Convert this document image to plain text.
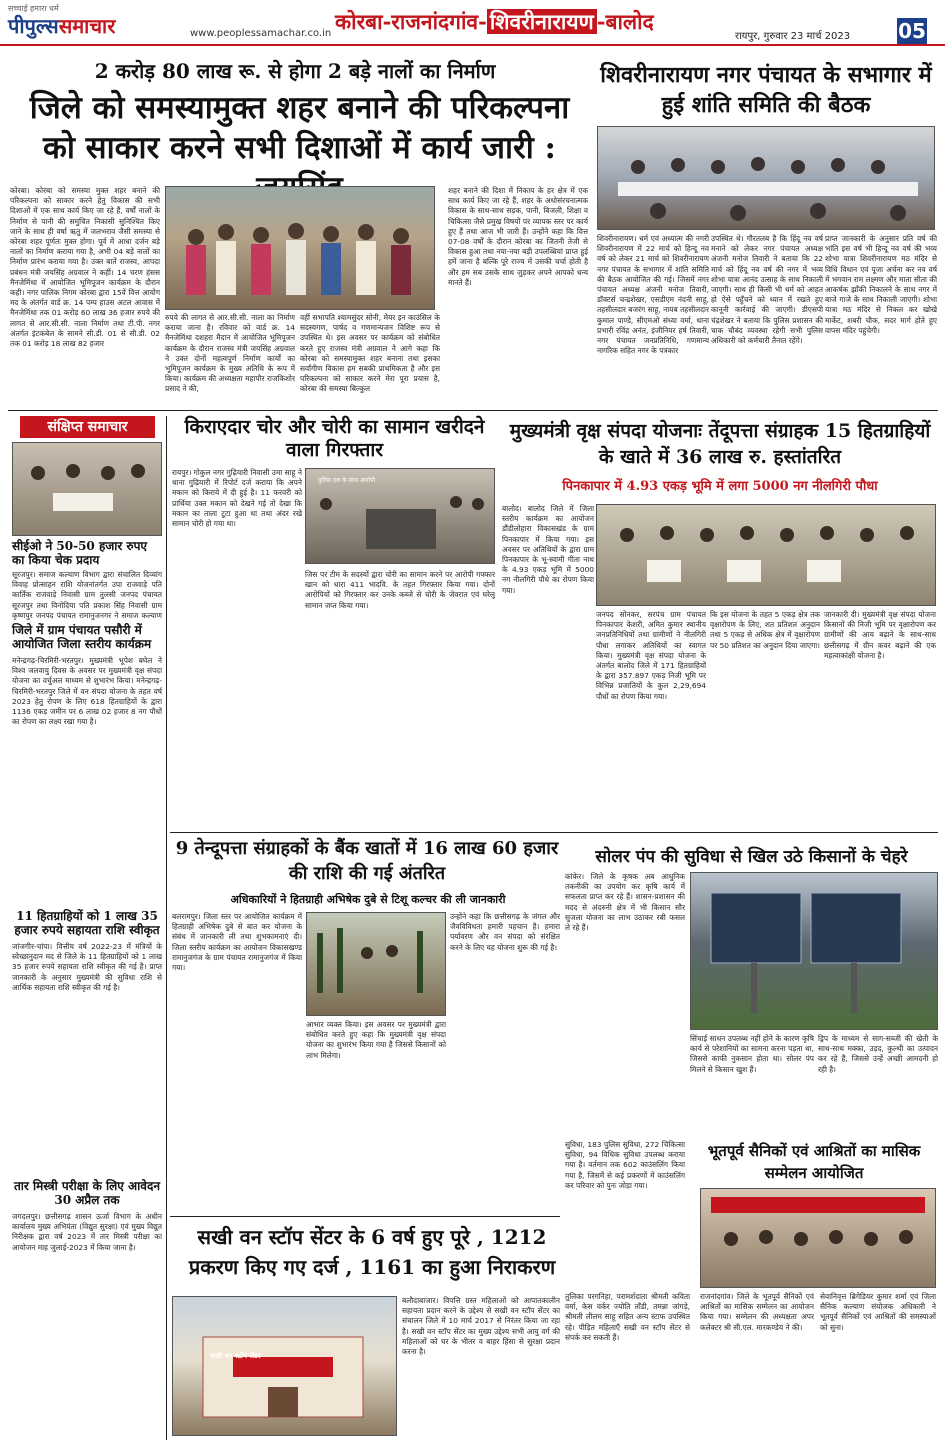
सच्चाई हमारा धर्म
पीपुल्ससमाचार	www.peoplessamachar.co.in कोरबा-राजनांदगांव- शिवरीनारायण -बालोद
रायपुर, गुरुवार 23 मार्च 2023 05
2 करोड़ 80 लाख रू. से होगा 2 बड़े नालों का निर्माण
जिले को समस्यामुक्त शहर बनाने की परिकल्पना को साकार करने सभी दिशाओं में कार्य जारी :
कोरबा। कोरबा को समस्या मुक्त शहर बनाने की परिकल्पना को साकार करने हेतु विकास की सभी दिशाओं में एक साथ कार्य किए जा रहे हैं, वर्षों नालों के निर्माण से पानी की समुचित निकासी सुनिश्चित किए जाने के साथ ही वर्षा ऋतु में जलभराव जैसी समस्या से कोरबा शहर पूर्णतः मुक्त होगा। पूर्व में आधा दर्जन बड़े नालों का निर्माण कराया गया है, अभी 04 बड़े नालों का निर्माण प्रारंभ कराया गया है। उक्त बातें राजस्व, आपदा प्रबंधन मंत्री जयसिंह अग्रवाल ने कहीं। 14 चरण हंसस मैनजेमिंथा में आयोजित भूमिपूजन कार्यक्रम के दौरान कही। नगर पालिक निगम कोरबा द्वारा 15वें वित्त आयोग मद के अंतर्गत वार्ड क्र. 14 पम्प हाउस अटल आवास में मैनजेमिंथा तक 01 करोड़ 60 लाख 36 हजार रुपये की लागत से आर.सी.सी. नाला निर्माण तथा टी.पी. नगर अंतर्गत इंटकबेल के सामने सी.डी. 01 से सी.डी. 02 तक 01 करोड़ 18 लाख 82 हजार
रुपये की लागत से आर.सी.सी. नाला का निर्माण कराया जाना है। रविवार को वार्ड क्र. 14 मैनजेमिंथा दशहरा मैदान में आयोजित भूमिपूजन कार्यक्रम के दौरान राजस्व मंत्री जयसिंह अग्रवाल ने उक्त दोनों महत्वपूर्ण निर्माण कार्यों का भूमिपूजन कार्यक्रम के मुख्य अतिथि के रूप में किया। कार्यक्रम की अध्यक्षता महापौर राजकिशोर प्रसाद ने की,
वहीं सभापति श्यामसुंदर सोनी, मेयर इन काउंसिल के सदस्यगण, पार्षद व गणमान्यजन विशिष्ट रूप से उपस्थित थे। इस अवसर पर कार्यक्रम को संबोधित करते हुए राजस्व मंत्री अग्रवाल ने आगे कहा कि कोरबा को समस्यामुक्त शहर बनाना तथा इसका सर्वांगीण विकास हम सबकी प्राथमिकता है और इस परिकल्पना को साकार करने मेरा पूरा प्रयास है, कोरबा की समस्या बिल्कुल
शहर बनाने की दिशा में निकाय के हर क्षेत्र में एक साथ कार्य किए जा रहे हैं, शहर के अधोसंरचनात्मक विकास के साथ-साथ सड़क, पानी, बिजली, शिक्षा व चिकित्सा जैसे प्रमुख विषयों पर व्यापक स्तर पर कार्य हुए हैं तथा आज भी जारी हैं। उन्होंने कहा कि वित्त 07-08 वर्षों के दौरान कोरबा का जितनी तेजी से विकास हुआ तथा नया-नया बड़ी उपलब्धियां प्राप्त हुई हमें जाना है बल्कि पूरे राज्य में उसकी चर्चा होती है और हम सब उसके साथ जुड़कर अपने आपको धन्य मानते हैं।
शिवरीनारायण नगर पंचायत के सभागार में हुई शांति समिति की बैठक
शिवरीनारायण। धर्म एवं अध्यात्म की नगरी शिवरीनारायण में 22 मार्च को हिन्दू नव वर्ष को लेकर 21 मार्च को शिवरीनारायण नगर पंचायत के सभागार में शांति समिति की बैठक आयोजित की गई। जिसमें नगर पंचायत अध्यक्ष अंजनी मनोज तिवारी, डॉक्टर्स चन्द्रशेखर, एसडीएम नंदनी साहू, तहसीलदार बजरंग साहू, नायब तहसीलदार कुमाल पाण्डे, सीएमओ संध्या वर्मा, थाना प्रभारी रविंद्र अनंत, इंजीनियर हर्ष तिवारी, नगर पंचायत जनप्रतिनिधि, गणमान्य नागरिक सहित नगर के पत्रकार
उपस्थित थे। गौरतलब है कि हिंदू नव वर्ष मनाने को लेकर नगर पंचायत अध्यक्ष अंजनी मनोज तिवारी ने बताया कि 22 मार्च को हिंदू नव वर्ष की नगर में भव्य शोभा यात्रा आनंद उत्साह के साथ निकाली जाएगी। साथ ही किसी भी धर्म को आहत हो ऐसे पहुँचने को ध्यान में रखते हुए कानूनी कार्रवाई की जाएगी। डीएसपी चंद्रशेखर ने बताया कि पुलिस प्रशासन की चाक चौबंद व्यवस्था रहेगी सभी पुलिस अधिकारी को कर्मचारी तैनात रहेंगे।
प्राप्त जानकारी के अनुसार प्रति वर्ष की भांति इस वर्ष भी हिन्दू नव वर्ष की भव्य शोभा यात्रा शिवरीनारायण मठ मंदिर से विधि विधान एवं पूजा अर्चना कर नव वर्ष में भगवान राम लक्ष्मण और माता सीता की आकर्षक झाँकी निकालने के साथ नगर में बाजे गाजे के साथ निकाली जाएगी। शोभा यात्रा मठ मंदिर से निकल कर खोखे मार्केट, शबरी चौक, सदर मार्ग होते हुए वापस मंदिर पहुंचेगी।
संक्षिप्त समाचार
सीईओ ने 50-50 हजार रुपए का किया चेक प्रदाय
सूरजपुर। समाज कल्याण विभाग द्वारा संचालित दिव्यांग विवाह प्रोत्साहन राशि योजनांतर्गत उपा राजवाड़े पति कार्तिक राजवाड़े निवासी ग्राम तुलसी जनपद पंचायत सूरजपुर तथा विनोदिया पति प्रकाश सिंह निवासी ग्राम कृष्णपुर जनपद पंचायत रामानुजनगर ने समाज कल्याण
जिले में ग्राम पंचायत पसौरी में आयोजित जिला स्तरीय कार्यक्रम
मनेन्द्रगढ़-चिरमिरी-भरतपुर। मुख्यमंत्री भूपेश बघेल ने विश्व जलवायु दिवस के अवसर पर मुख्यमंत्री वृक्ष संपदा योजना का वर्चुअल माध्यम से शुभारंभ किया। मनेन्द्रगढ़-चिरमिरी-भरतपुर जिले में वन संपदा योजना के तहत वर्ष 2023 हेतु रोपण के लिए 618 हितग्राहियों के द्वारा 1136 एकड़ जमीन पर 6 लाख 02 हजार 8 नग पौधों का रोपण का लक्ष्य रखा गया है।
11 हितग्राहियों को 1 लाख 35 हजार रुपये सहायता राशि स्वीकृत
जांजगीर-चांपा। वित्तीय वर्ष 2022-23 में मंत्रियों के स्वेच्छानुदान मद से जिले के 11 हितग्राहियों को 1 लाख 35 हजार रुपये सहायता राशि स्वीकृत की गई है। प्राप्त जानकारी के अनुसार मुख्यमंत्री की सुविधा राशि से आर्थिक सहायता राशि स्वीकृत की गई है।
तार मिस्त्री परीक्षा के लिए आवेदन 30 अप्रैल तक
जगदलपुर। छत्तीसगढ़ शासन ऊर्जा विभाग के अधीन कार्यालय मुख्य अभियंता (विद्युत सुरक्षा) एवं मुख्य विद्युत निरीक्षक द्वारा वर्ष 2023 में तार मिस्त्री परीक्षा का आयोजन माह जुलाई-2023 में किया जाना है।
किराएदार चोर और चोरी का सामान खरीदने वाला गिरफ्तार
रायपुर। गोकुल नगर गुढ़ियारी निवासी उमा साहू ने थाना गुढ़ियारी में रिपोर्ट दर्ज कराया कि अपने मकान को किराये में दी हुई है। 11 फरवरी को प्रार्थिया उक्त मकान को देखने गई तो देखा कि मकान का ताला टूटा हुआ था तथा अंदर रखे सामान चोरी हो गया था।
पुलिस दल के साथ आरोपी
जिस पर टीम के सदस्यों द्वारा चोरी का सामान करने पर आरोपी गफ्फार खान को धारा 411 भादवि. के तहत गिरफ्तार किया गया। दोनों आरोपियों को गिरफ्तार कर उनके कब्जे से चोरी के जेवरात एवं घरेलू सामान जप्त किया गया।
मुख्यमंत्री वृक्ष संपदा योजनाः तेंदूपत्ता संग्राहक 15 हितग्राहियों के खाते में 36 लाख रु. हस्तांतरित
पिनकापार में 4.93 एकड़ भूमि में लगा 5000 नग नीलगिरी पौधा
बालोद। बालोद जिले में जिला स्तरीय कार्यक्रम का आयोजन डौंडीलोहारा विकासखंड के ग्राम पिनकापार में किया गया। इस अवसर पर अतिथियों के द्वारा ग्राम पिनकापार के भू-स्वामी गीता नाथ के 4.93 एकड़ भूमि में 5000 नग नीलगिरी पौधे का रोपण किया गया।
जनपद सोनकर, सरपंच ग्राम पंचायत पिनकापार केशरी, अमित कुमार स्थानीय जनप्रतिनिधियों तथा ग्रामीणों ने नीलगिरी पौधा लगाकर अतिथियों का स्वागत किया। मुख्यमंत्री वृक्ष संपदा योजना के अंतर्गत बालोद जिले में 171 हितग्राहियों के द्वारा 357.897 एकड़ निजी भूमि पर विभिन्न प्रजातियों के कुल 2,29,694 पौधों का रोपण किया गया।
कि इस योजना के तहत 5 एकड़ क्षेत्र तक वृक्षारोपण के लिए, शत प्रतिशत अनुदान तथा 5 एकड़ से अधिक क्षेत्र में वृक्षारोपण पर 50 प्रतिशत का अनुदान दिया जाएगा।
जानकारी दी। मुख्यमंत्री वृक्ष संपदा योजना किसानों की निजी भूमि पर वृक्षारोपण कर ग्रामीणों की आय बढ़ाने के साथ-साथ छत्तीसगढ़ में ग्रीन कवर बढ़ाने की एक महत्वाकांक्षी योजना है।
9 तेन्दूपत्ता संग्राहकों के बैंक खातों में 16 लाख 60 हजार की राशि की गई अंतरित
अधिकारियों ने हितग्राही अभिषेक दुबे से टिशू कल्चर की ली जानकारी
बलरामपुर। जिला स्तर पर आयोजित कार्यक्रम में हितग्राही अभिषेक दुबे से बात कर योजना के संबंध में जानकारी ली तथा शुभकामनाएं दी। जिला स्तरीय कार्यक्रम का आयोजन विकासखण्ड रामानुजगंज के ग्राम पंचायत रामानुजगंज में किया गया।
आभार व्यक्त किया। इस अवसर पर मुख्यमंत्री द्वारा संबोधित करते हुए कहा कि मुख्यमंत्री वृक्ष संपदा योजना का शुभारंभ किया गया है जिससे किसानों को लाभ मिलेगा।
उन्होंने कहा कि छत्तीसगढ़ के जंगल और जैवविविधता हमारी पहचान है। हमारा पर्यावरण और वन संपदा को संरक्षित करने के लिए यह योजना शुरू की गई है।
सोलर पंप की सुविधा से खिल उठे किसानों के चेहरे
कांकेर। जिले के कृषक अब आधुनिक तकनीकी का उपयोग कर कृषि कार्य में सफलता प्राप्त कर रहे हैं। शासन-प्रशासन की मदद से अंदरुनी क्षेत्र में भी किसान सौर सुजला योजना का लाभ उठाकर रबी फसल ले रहे हैं।
सिंचाई साधन उपलब्ध नहीं होने के कारण कृषि कार्य से परेशानियों का सामना करना पड़ता था, जिससे काफी नुकसान होता था। सोलर पंप मिलने से किसान खुश हैं।
ड्रिप के माध्यम से साग-सब्जी की खेती के साथ-साथ मक्का, उड़द, कुल्थी का उत्पादन कर रहे हैं, जिससे उन्हें अच्छी आमदनी हो रही है।
सखी वन स्टॉप सेंटर के 6 वर्ष हुए पूरे , 1212 प्रकरण किए गए दर्ज , 1161 का हुआ निराकरण
सखी वन स्टॉप सेंटर
बलौदाबाजार। विपत्ति ग्रस्त महिलाओं को आपातकालीन सहायता प्रदान करने के उद्देश्य से सखी वन स्टॉप सेंटर का संचालन जिले में 10 मार्च 2017 से निरंतर किया जा रहा है। सखी वन स्टॉप सेंटर का मुख्य उद्देश्य सभी आयु वर्ग की महिलाओं को घर के भीतर व बाहर हिंसा से सुरक्षा प्रदान करना है।
सुविधा, 183 पुलिस सुविधा, 272 चिकित्सा सुविधा, 94 विधिक सुविधा उपलब्ध कराया गया है। वर्तमान तक 602 काउंसलिंग किया गया है, जिसमें से कई प्रकरणों में काउंसलिंग कर परिवार को पुनः जोड़ा गया।
भूतपूर्व सैनिकों एवं आश्रितों का मासिक सम्मेलन आयोजित
राजनांदगांव। जिले के भूतपूर्व सैनिकों एवं आश्रितों का मासिक सम्मेलन का आयोजन किया गया। सम्मेलन की अध्यक्षता अपर कलेक्टर श्री सी.एल. मारकण्डेय ने की।
सेवानिवृत्त ब्रिगेडियर कुमार शर्मा एवं जिला सैनिक कल्याण संयोजक अधिकारी ने भूतपूर्व सैनिकों एवं आश्रितों की समस्याओं को सुना।
तुलिका परगनिहा, परामर्शदाता श्रीमती कविता वर्मा, केस वर्कर ज्योति ताँडी, तमन्ना जांगड़े, श्रीमती लीलम साहू सहित अन्य स्टाफ उपस्थित रहे। पीड़ित महिलाएँ सखी वन स्टॉप सेंटर से संपर्क कर सकती हैं।
